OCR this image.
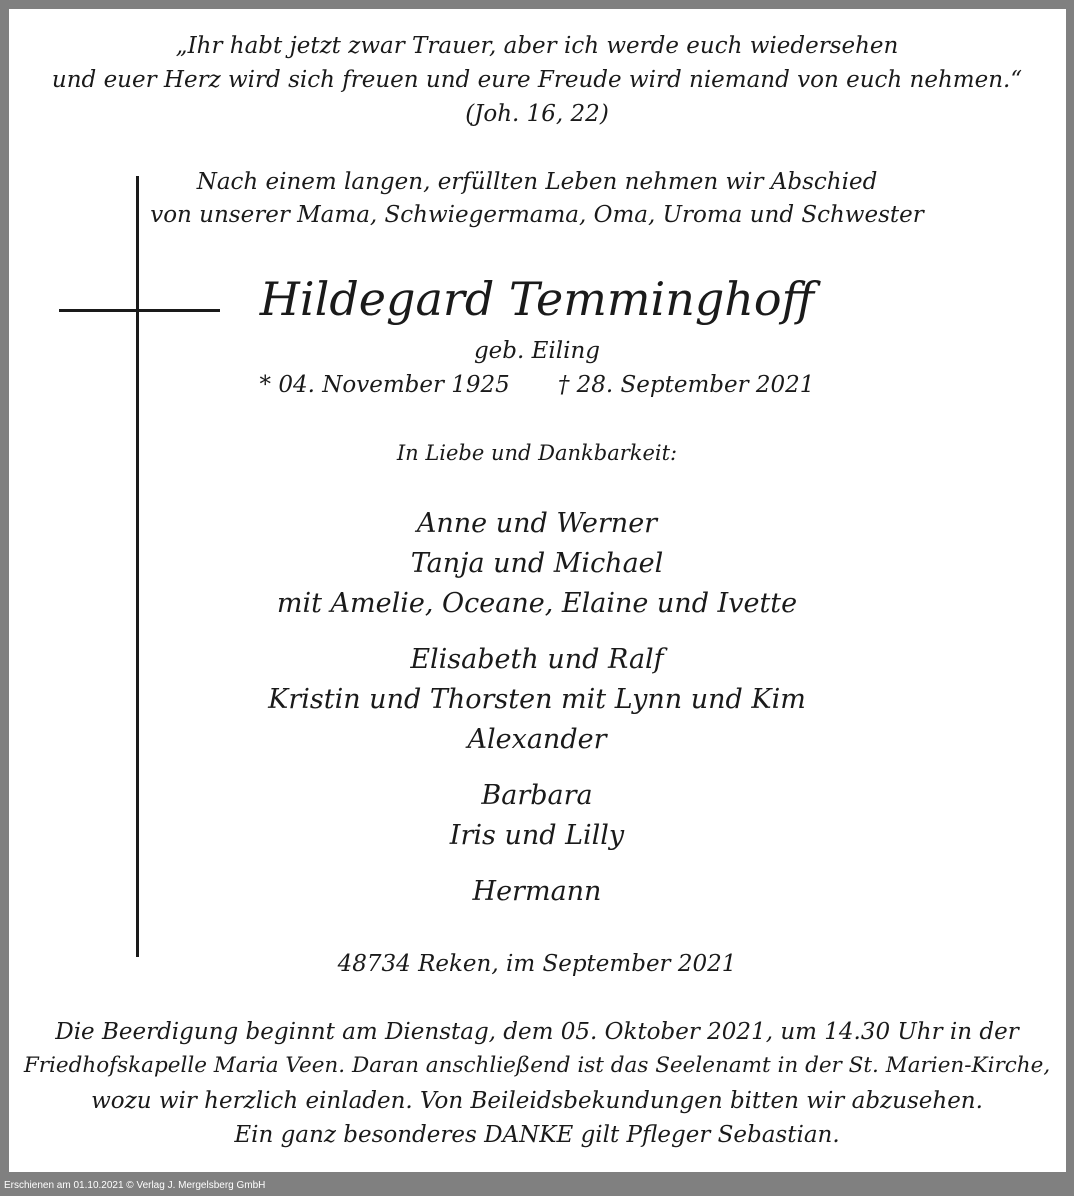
„Ihr habt jetzt zwar Trauer, aber ich werde euch wiedersehen
und euer Herz wird sich freuen und eure Freude wird niemand von euch nehmen.“
(Joh. 16, 22)
Nach einem langen, erfüllten Leben nehmen wir Abschied
von unserer Mama, Schwiegermama, Oma, Uroma und Schwester
Hildegard Temminghoff
geb. Eiling
* 04. November 1925 † 28. September 2021
In Liebe und Dankbarkeit:
Anne und Werner
Tanja und Michael
mit Amelie, Oceane, Elaine und Ivette
Elisabeth und Ralf
Kristin und Thorsten mit Lynn und Kim
Alexander
Barbara
Iris und Lilly
Hermann
48734 Reken, im September 2021
Die Beerdigung beginnt am Dienstag, dem 05. Oktober 2021, um 14.30 Uhr in der
Friedhofskapelle Maria Veen. Daran anschließend ist das Seelenamt in der St. Marien-Kirche,
wozu wir herzlich einladen. Von Beileidsbekundungen bitten wir abzusehen.
Ein ganz besonderes DANKE gilt Pfleger Sebastian.
Erschienen am 01.10.2021 © Verlag J. Mergelsberg GmbH
